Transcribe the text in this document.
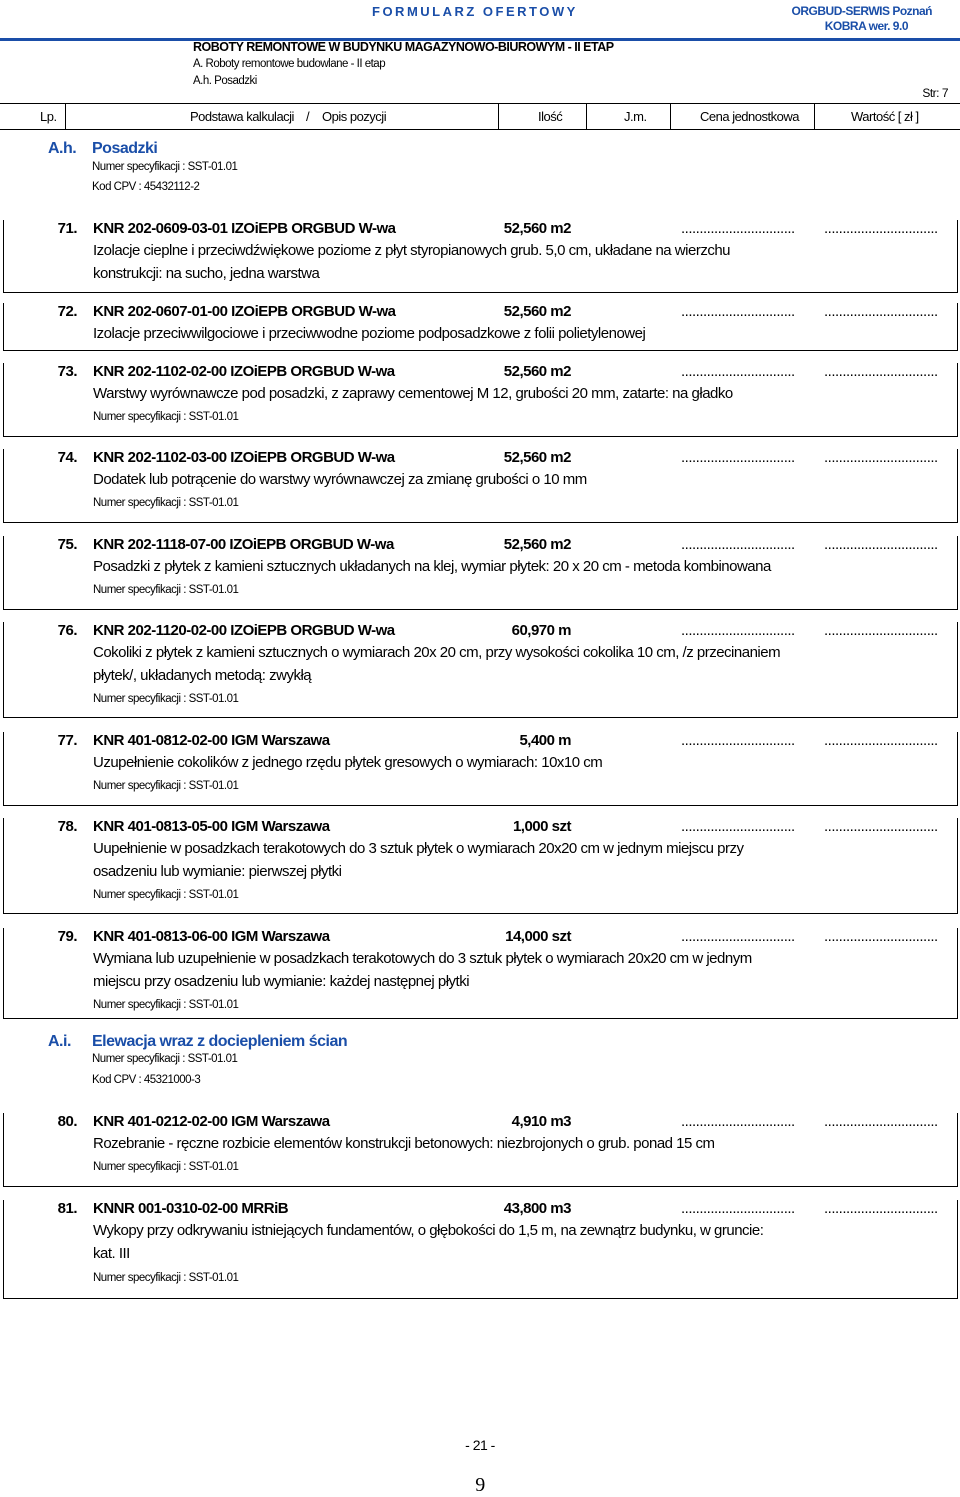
FORMULARZ OFERTOWY	ORGBUD-SERWIS Poznań
KOBRA wer. 9.0
ROBOTY REMONTOWE W BUDYNKU MAGAZYNOWO-BIUROWYM - II ETAP
A. Roboty remontowe budowlane - II etap
A.h. Posadzki
Str: 7
Lp.	Podstawa kalkulacji / Opis pozycji	Ilość	J.m.	Cena jednostkowa	Wartość [ zł ]
A.h. Posadzki
Numer specyfikacji : SST-01.01
Kod CPV : 45432112-2
71. KNR 202-0609-03-01 IZOiEPB ORGBUD W-wa	52,560 m2	............................... ...............................
Izolacje cieplne i przeciwdźwiękowe poziome z płyt styropianowych grub. 5,0 cm, układane na wierzchu
konstrukcji: na sucho, jedna warstwa
72. KNR 202-0607-01-00 IZOiEPB ORGBUD W-wa	52,560 m2	............................... ...............................
Izolacje przeciwwilgociowe i przeciwwodne poziome podposadzkowe z folii polietylenowej
73. KNR 202-1102-02-00 IZOiEPB ORGBUD W-wa	52,560 m2	............................... ...............................
Warstwy wyrównawcze pod posadzki, z zaprawy cementowej M 12, grubości 20 mm, zatarte: na gładko
Numer specyfikacji : SST-01.01
74. KNR 202-1102-03-00 IZOiEPB ORGBUD W-wa	52,560 m2	............................... ...............................
Dodatek lub potrącenie do warstwy wyrównawczej za zmianę grubości o 10 mm
Numer specyfikacji : SST-01.01
75. KNR 202-1118-07-00 IZOiEPB ORGBUD W-wa	52,560 m2	............................... ...............................
Posadzki z płytek z kamieni sztucznych układanych na klej, wymiar płytek: 20 x 20 cm - metoda kombinowana
Numer specyfikacji : SST-01.01
76. KNR 202-1120-02-00 IZOiEPB ORGBUD W-wa	60,970 m	............................... ...............................
Cokoliki z płytek z kamieni sztucznych o wymiarach 20x 20 cm, przy wysokości cokolika 10 cm, /z przecinaniem
płytek/, układanych metodą: zwykłą
Numer specyfikacji : SST-01.01
77. KNR 401-0812-02-00 IGM Warszawa	5,400 m	............................... ...............................
Uzupełnienie cokolików z jednego rzędu płytek gresowych o wymiarach: 10x10 cm
Numer specyfikacji : SST-01.01
78. KNR 401-0813-05-00 IGM Warszawa	1,000 szt	............................... ...............................
Uupełnienie w posadzkach terakotowych do 3 sztuk płytek o wymiarach 20x20 cm w jednym miejscu przy
osadzeniu lub wymianie: pierwszej płytki
Numer specyfikacji : SST-01.01
79. KNR 401-0813-06-00 IGM Warszawa	14,000 szt	............................... ...............................
Wymiana lub uzupełnienie w posadzkach terakotowych do 3 sztuk płytek o wymiarach 20x20 cm w jednym
miejscu przy osadzeniu lub wymianie: każdej następnej płytki
Numer specyfikacji : SST-01.01
A.i. Elewacja wraz z dociepleniem ścian
Numer specyfikacji : SST-01.01
Kod CPV : 45321000-3
80. KNR 401-0212-02-00 IGM Warszawa	4,910 m3	............................... ...............................
Rozebranie - ręczne rozbicie elementów konstrukcji betonowych: niezbrojonych o grub. ponad 15 cm
Numer specyfikacji : SST-01.01
81. KNNR 001-0310-02-00 MRRiB	43,800 m3	............................... ...............................
Wykopy przy odkrywaniu istniejących fundamentów, o głębokości do 1,5 m, na zewnątrz budynku, w gruncie:
kat. III
Numer specyfikacji : SST-01.01
- 21 -
9
